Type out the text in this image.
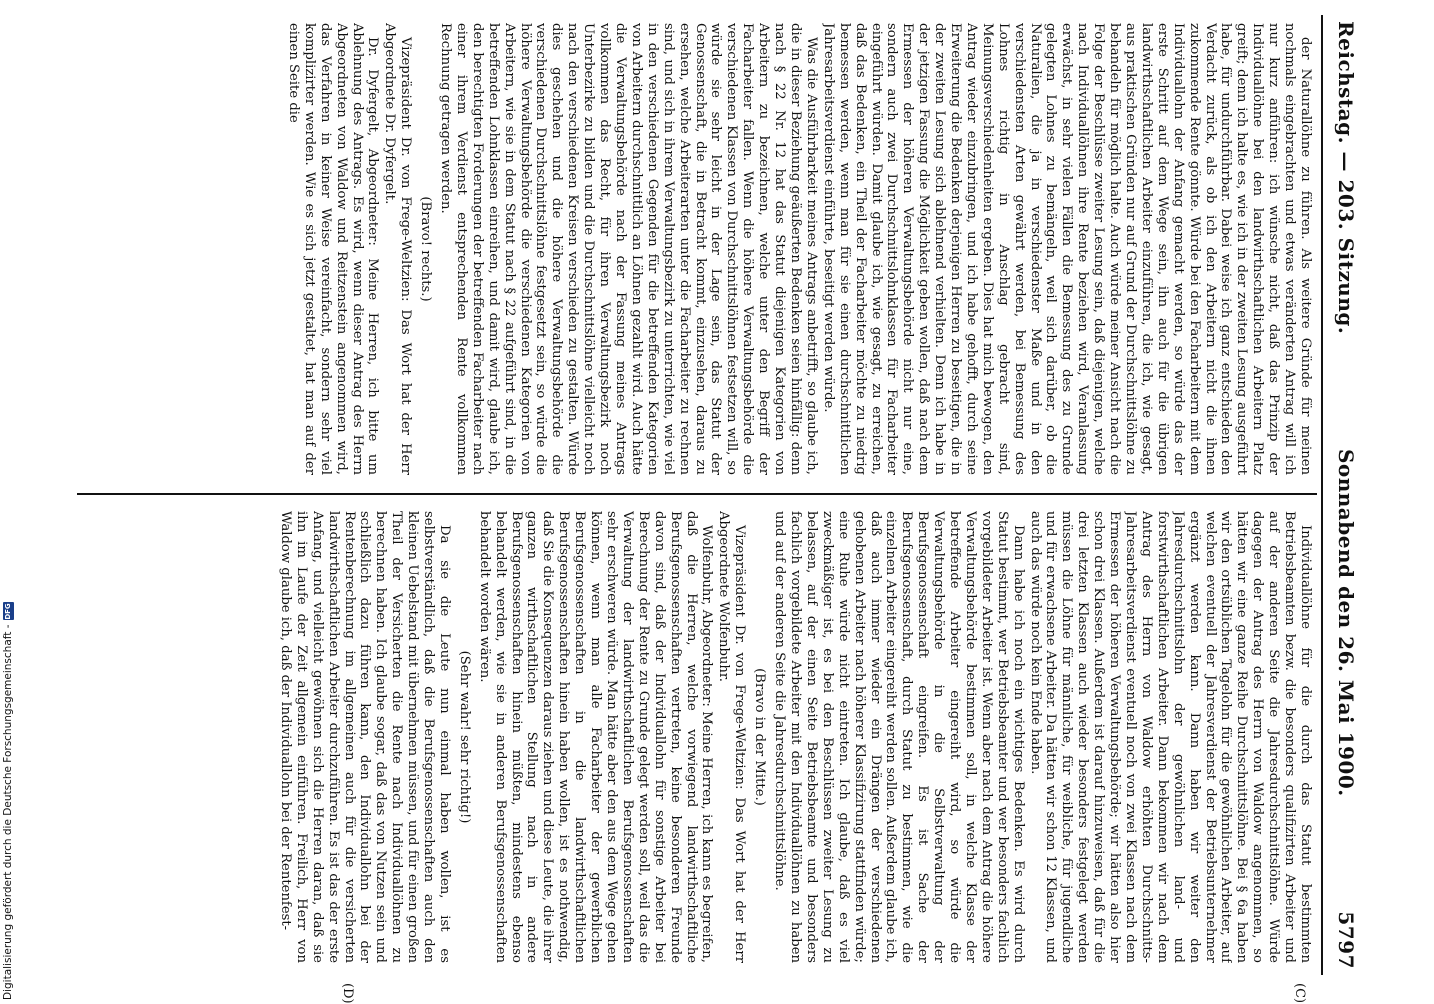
Reichstag. — 203. Sitzung.
Sonnabend den 26. Mai 1900.
5797
(C)
(D)

der Naturallöhne zu führen. Als weitere Gründe für meinen nochmals eingebrachten und etwas veränderten Antrag will ich nur kurz anführen: ich wünsche nicht, daß das Prinzip der Individuallöhne bei den landwirthschaftlichen Arbeitern Platz greift; denn ich halte es, wie ich in der zweiten Lesung ausgeführt habe, für undurchführbar. Dabei weise ich ganz entschieden den Verdacht zurück, als ob ich den Arbeitern nicht die ihnen zukommende Rente gönnte. Würde bei den Facharbeitern mit dem Individuallohn der Anfang gemacht werden, so würde das der erste Schritt auf dem Wege sein, ihn auch für die übrigen landwirthschaftlichen Arbeiter einzuführen, die ich, wie gesagt, aus praktischen Gründen nur auf Grund der Durchschnittslöhne zu behandeln für möglich halte. Auch würde meiner Ansicht nach die Folge der Beschlüsse zweiter Lesung sein, daß diejenigen, welche nach Individuallöhnen ihre Rente beziehen wird, Veranlassung erwächst, in sehr vielen Fällen die Bemessung des zu Grunde gelegten Lohnes zu bemängeln, weil sich darüber, ob die Naturalien, die ja in verschiedenster Maße und in den verschiedensten Arten gewährt werden, bei Bemessung des Lohnes richtig in Anschlag gebracht sind, Meinungsverschiedenheiten ergeben. Dies hat mich bewogen, den Antrag wieder einzubringen, und ich habe gehofft, durch seine Erweiterung die Bedenken derjenigen Herren zu beseitigen, die in der zweiten Lesung sich ablehnend verhielten. Denn ich habe in der jetzigen Fassung die Möglichkeit geben wollen, daß nach dem Ermessen der höheren Verwaltungsbehörde nicht nur eine, sondern auch zwei Durchschnittslohnklassen für Facharbeiter eingeführt würden. Damit glaube ich, wie gesagt, zu erreichen, daß das Bedenken, ein Theil der Facharbeiter möchte zu niedrig bemessen werden, wenn man für sie einen durchschnittlichen Jahresarbeitsverdienst einführte, beseitigt werden würde.

Was die Ausführbarkeit meines Antrags anbetrifft, so glaube ich, die in dieser Beziehung geäußerten Bedenken seien hinfällig: denn nach § 22 Nr. 12 hat das Statut diejenigen Kategorien von Arbeitern zu bezeichnen, welche unter den Begriff der Facharbeiter fallen. Wenn die höhere Verwaltungsbehörde die verschiedenen Klassen von Durchschnittslöhnen festsetzen will, so würde sie sehr leicht in der Lage sein, das Statut der Genossenschaft, die in Betracht kommt, einzusehen, daraus zu ersehen, welche Arbeiterarten unter die Facharbeiter zu rechnen sind, und sich in ihrem Verwaltungsbezirk zu unterrichten, wie viel in den verschiedenen Gegenden für die betreffenden Kategorien von Arbeitern durchschnittlich an Löhnen gezahlt wird. Auch hätte die Verwaltungsbehörde nach der Fassung meines Antrags vollkommen das Recht, für ihren Verwaltungsbezirk noch Unterbezirke zu bilden und die Durchschnittslöhne vielleicht noch nach den verschiedenen Kreisen verschieden zu gestalten. Würde dies geschehen und die höhere Verwaltungsbehörde die verschiedenen Durchschnittslöhne festgesetzt sein, so würde die höhere Verwaltungsbehörde die verschiedenen Kategorien von Arbeitern, wie sie in dem Statut nach § 22 aufgeführt sind, in die betreffenden Lohnklassen einreihen, und damit wird, glaube ich, den berechtigten Forderungen der betreffenden Facharbeiter nach einer ihrem Verdienst entsprechenden Rente vollkommen Rechnung getragen werden.

(Bravo! rechts.)

Vizepräsident Dr. von Frege-Weltzien: Das Wort hat der Herr Abgeordnete Dr. Dyfergelt.

Dr. Dyfergelt, Abgeordneter: Meine Herren, ich bitte um Ablehnung des Antrags. Es wird, wenn dieser Antrag des Herrn Abgeordneten von Waldow und Reitzenstein angenommen wird, das Verfahren in keiner Weise vereinfacht, sondern sehr viel komplizirter werden. Wie es sich jetzt gestaltet, hat man auf der einen Seite die

Individuallöhne für die durch das Statut bestimmten Betriebsbeamten bezw. die besonders qualifizirten Arbeiter und auf der anderen Seite die Jahresdurchschnittslöhne. Würde dagegen der Antrag des Herrn von Waldow angenommen, so hätten wir eine ganze Reihe Durchschnittslöhne. Bei § 6a haben wir den ortsüblichen Tagelohn für die gewöhnlichen Arbeiter, auf welchen eventuell der Jahresverdienst der Betriebsunternehmer ergänzt werden kann. Dann haben wir weiter den Jahresdurchschnittslohn der gewöhnlichen land- und forstwirthschaftlichen Arbeiter. Dann bekommen wir nach dem Antrag des Herrn von Waldow erhöhten Durchschnitts-Jahresarbeitsverdienst eventuell noch von zwei Klassen nach dem Ermessen der höheren Verwaltungsbehörde; wir hätten also hier schon drei Klassen. Außerdem ist darauf hinzuweisen, daß für die drei letzten Klassen auch wieder besonders festgelegt werden müssen die Löhne für männliche, für weibliche, für jugendliche und für erwachsene Arbeiter. Da hätten wir schon 12 Klassen, und auch das würde noch kein Ende haben.

Dann habe ich noch ein wichtiges Bedenken. Es wird durch Statut bestimmt, wer Betriebsbeamter und wer besonders fachlich vorgebildeter Arbeiter ist. Wenn aber nach dem Antrag die höhere Verwaltungsbehörde bestimmen soll, in welche Klasse der betreffende Arbeiter eingereiht wird, so würde die Verwaltungsbehörde in die Selbstverwaltung der Berufsgenossenschaft eingreifen. Es ist Sache der Berufsgenossenschaft, durch Statut zu bestimmen, wie die einzelnen Arbeiter eingereiht werden sollen. Außerdem glaube ich, daß auch immer wieder ein Drängen der verschiedenen gehobenen Arbeiter nach höherer Klassifizirung stattfinden würde; eine Ruhe würde nicht eintreten. Ich glaube, daß es viel zweckmäßiger ist, es bei den Beschlüssen zweiter Lesung zu belassen, auf der einen Seite Betriebsbeamte und besonders fachlich vorgebildete Arbeiter mit den Individuallöhnen zu haben und auf der anderen Seite die Jahresdurchschnittslöhne.

(Bravo in der Mitte.)

Vizepräsident Dr. von Frege-Weltzien: Das Wort hat der Herr Abgeordnete Wolfenbuhr.

Wolfenbuhr, Abgeordneter: Meine Herren, ich kann es begreifen, daß die Herren, welche vorwiegend landwirthschaftliche Berufsgenossenschaften vertreten, keine besonderen Freunde davon sind, daß der Individuallohn für sonstige Arbeiter bei Berechnung der Rente zu Grunde gelegt werden soll, weil das die Verwaltung der landwirthschaftlichen Berufsgenossenschaften sehr erschweren würde. Man hätte aber den aus dem Wege gehen können, wenn man alle Facharbeiter der gewerblichen Berufsgenossenschaften in die landwirthschaftlichen Berufsgenossenschaften hinein haben wollen, ist es nothwendig, daß Sie die Konsequenzen daraus ziehen und diese Leute, die ihrer ganzen wirthschaftlichen Stellung nach in andere Berufsgenossenschaften hinein müßten, mindestens ebenso behandelt werden, wie sie in anderen Berufsgenossenschaften behandelt worden wären.

(Sehr wahr! sehr richtig!)

Da sie die Leute nun einmal haben wollen, ist es selbstverständlich, daß die Berufsgenossenschaften auch den kleinen Uebelstand mit übernehmen müssen, und für einen großen Theil der Versicherten die Rente nach Individuallöhnen zu berechnen haben. Ich glaube sogar, daß das von Nutzen sein und schließlich dazu führen kann, den Individuallohn bei der Rentenberechnung im allgemeinen auch für die versicherten landwirthschaftlichen Arbeiter durchzuführen. Es ist das der erste Anfang, und vielleicht gewöhnen sich die Herren daran, daß sie ihn im Laufe der Zeit allgemein einführen. Freilich, Herr von Waldow glaube ich, daß der Individuallohn bei der Rentenfest-

Digitalisierung gefördert durch die Deutsche Forschungsgemeinschaft -
DFG
